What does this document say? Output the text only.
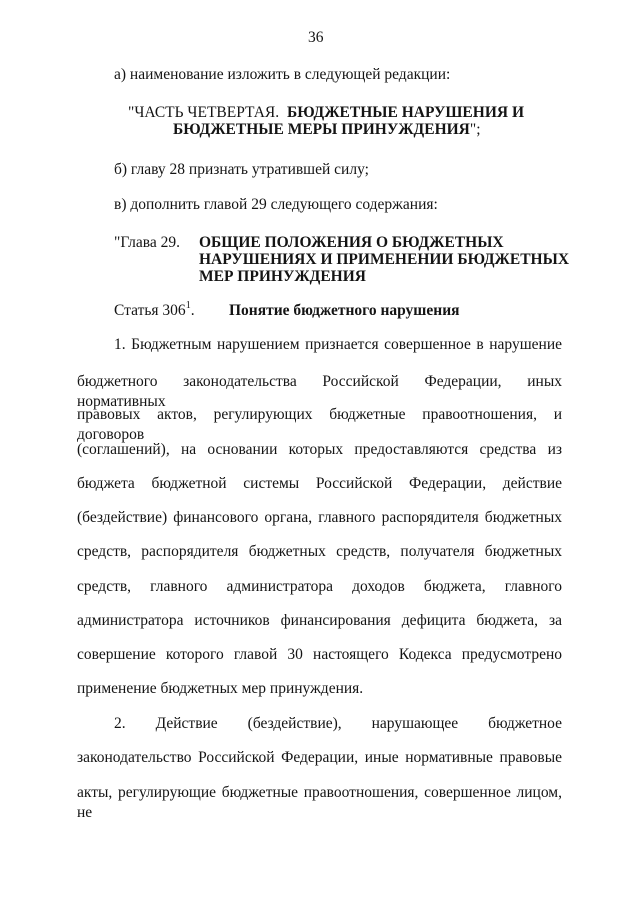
36
а) наименование изложить в следующей редакции:
"ЧАСТЬ ЧЕТВЕРТАЯ. БЮДЖЕТНЫЕ НАРУШЕНИЯ И
БЮДЖЕТНЫЕ МЕРЫ ПРИНУЖДЕНИЯ";
б) главу 28 признать утратившей силу;
в) дополнить главой 29 следующего содержания:
"Глава 29. ОБЩИЕ ПОЛОЖЕНИЯ О БЮДЖЕТНЫХ
НАРУШЕНИЯХ И ПРИМЕНЕНИИ БЮДЖЕТНЫХ
МЕР ПРИНУЖДЕНИЯ
Статья $306^1$. Понятие бюджетного нарушения
1. Бюджетным нарушением признается совершенное в нарушение
бюджетного законодательства Российской Федерации, иных нормативных
правовых актов, регулирующих бюджетные правоотношения, и договоров
(соглашений), на основании которых предоставляются средства из
бюджета бюджетной системы Российской Федерации, действие
(бездействие) финансового органа, главного распорядителя бюджетных
средств, распорядителя бюджетных средств, получателя бюджетных
средств, главного администратора доходов бюджета, главного
администратора источников финансирования дефицита бюджета, за
совершение которого главой 30 настоящего Кодекса предусмотрено
применение бюджетных мер принуждения.
2. Действие (бездействие), нарушающее бюджетное
законодательство Российской Федерации, иные нормативные правовые
акты, регулирующие бюджетные правоотношения, совершенное лицом, не
